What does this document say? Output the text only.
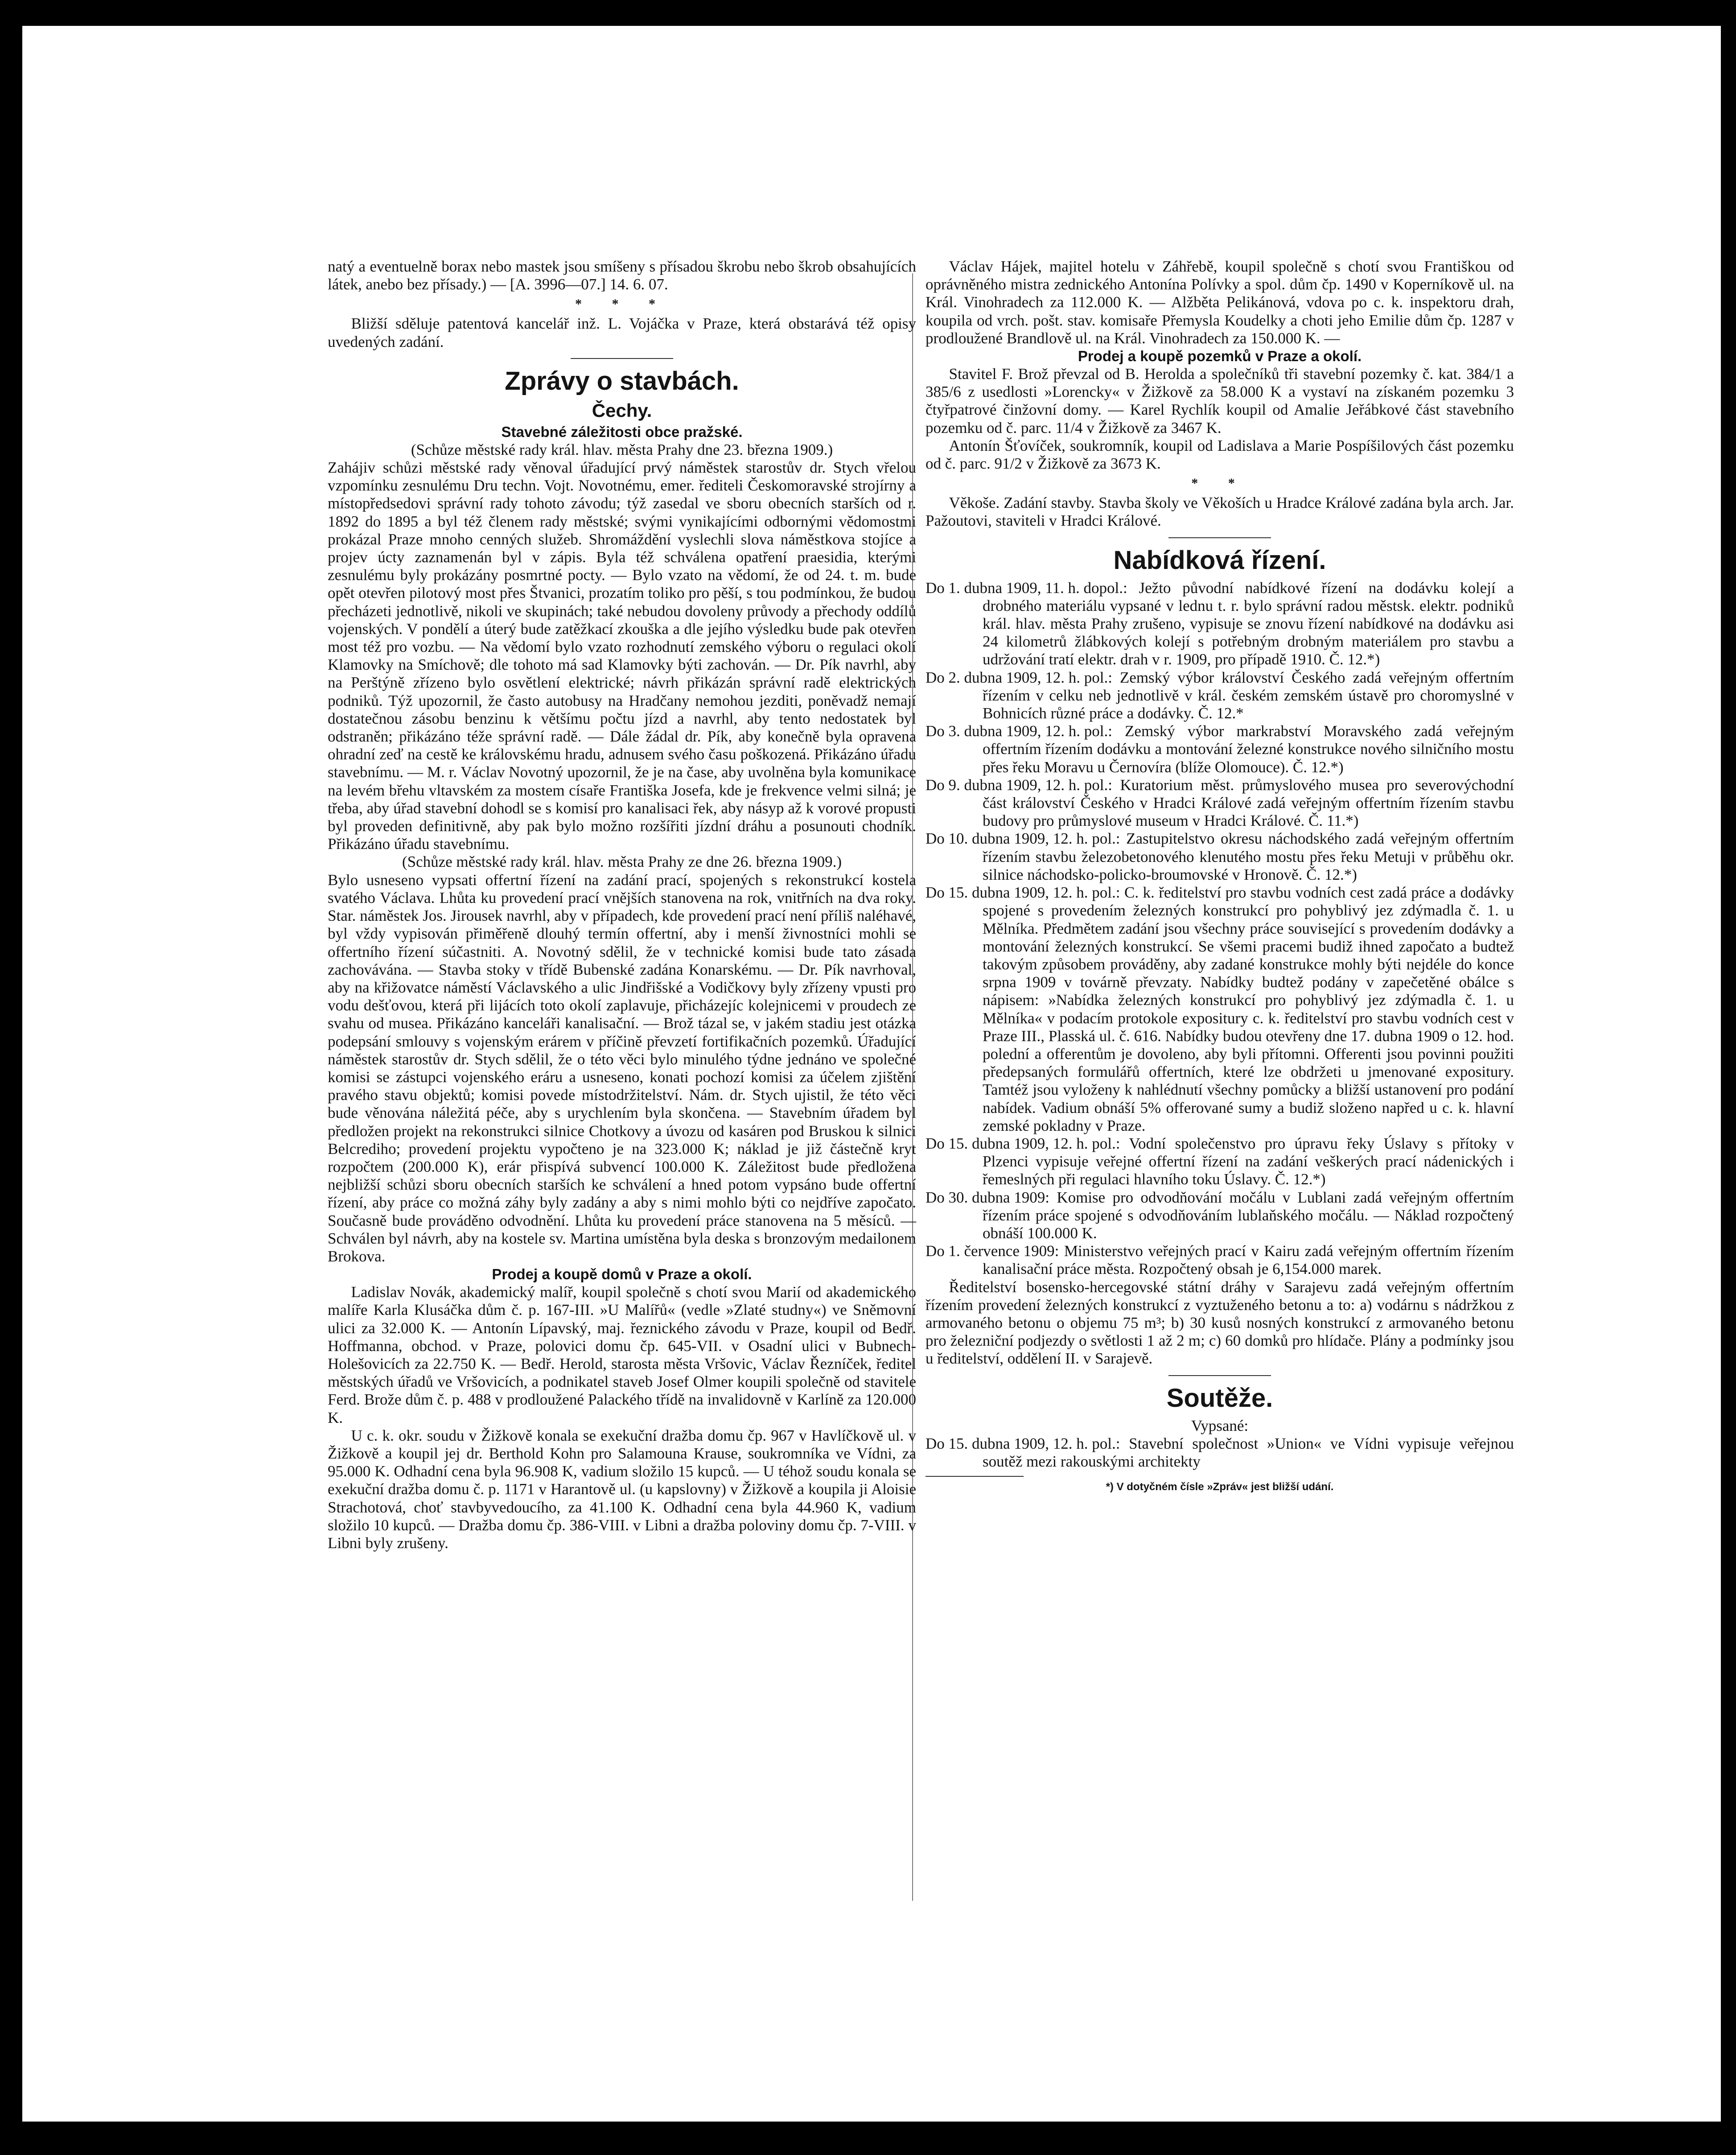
natý a eventuelně borax nebo mastek jsou smíšeny s přísadou škrobu nebo škrob obsahujících látek, anebo bez přísady.) — [A. 3996—07.] 14. 6. 07.

* * *

Bližší sděluje patentová kancelář inž. L. Vojáčka v Praze, která obstarává též opisy uvedených zadání.

Zprávy o stavbách.
Čechy.
Stavebné záležitosti obce pražské.

(Schůze městské rady král. hlav. města Prahy dne 23. března 1909.)

Zahájiv schůzi městské rady věnoval úřadující prvý náměstek starostův dr. Stych vřelou vzpomínku zesnulému Dru techn. Vojt. Novotnému, emer. řediteli Českomoravské strojírny a místopředsedovi správní rady tohoto závodu; týž zasedal ve sboru obecních starších od r. 1892 do 1895 a byl též členem rady městské; svými vynikajícími odbornými vědomostmi prokázal Praze mnoho cenných služeb. Shromáždění vyslechli slova náměstkova stojíce a projev úcty zaznamenán byl v zápis. Byla též schválena opatření praesidia, kterými zesnulému byly prokázány posmrtné pocty. — Bylo vzato na vědomí, že od 24. t. m. bude opět otevřen pilotový most přes Štvanici, prozatím toliko pro pěší, s tou podmínkou, že budou přecházeti jednotlivě, nikoli ve skupinách; také nebudou dovoleny průvody a přechody oddílů vojenských. V pondělí a úterý bude zatěžkací zkouška a dle jejího výsledku bude pak otevřen most též pro vozbu. — Na vědomí bylo vzato rozhodnutí zemského výboru o regulaci okolí Klamovky na Smíchově; dle tohoto má sad Klamovky býti zachován. — Dr. Pík navrhl, aby na Perštýně zřízeno bylo osvětlení elektrické; návrh přikázán správní radě elektrických podniků. Týž upozornil, že často autobusy na Hradčany nemohou jezditi, poněvadž nemají dostatečnou zásobu benzinu k většímu počtu jízd a navrhl, aby tento nedostatek byl odstraněn; přikázáno téže správní radě. — Dále žádal dr. Pík, aby konečně byla opravena ohradní zeď na cestě ke královskému hradu, adnusem svého času poškozená. Přikázáno úřadu stavebnímu. — M. r. Václav Novotný upozornil, že je na čase, aby uvolněna byla komunikace na levém břehu vltavském za mostem císaře Františka Josefa, kde je frekvence velmi silná; je třeba, aby úřad stavební dohodl se s komisí pro kanalisaci řek, aby násyp až k vorové propusti byl proveden definitivně, aby pak bylo možno rozšířiti jízdní dráhu a posunouti chodník. Přikázáno úřadu stavebnímu.

(Schůze městské rady král. hlav. města Prahy ze dne 26. března 1909.)

Bylo usneseno vypsati offertní řízení na zadání prací, spojených s rekonstrukcí kostela svatého Václava. Lhůta ku provedení prací vnějších stanovena na rok, vnitřních na dva roky. Star. náměstek Jos. Jirousek navrhl, aby v případech, kde provedení prací není příliš naléhavé, byl vždy vypisován přiměřeně dlouhý termín offertní, aby i menší živnostníci mohli se offertního řízení súčastniti. A. Novotný sdělil, že v technické komisi bude tato zásada zachovávána. — Stavba stoky v třídě Bubenské zadána Konarskému. — Dr. Pík navrhoval, aby na křižovatce náměstí Václavského a ulic Jindřišské a Vodičkovy byly zřízeny vpusti pro vodu dešťovou, která při lijácích toto okolí zaplavuje, přicházejíc kolejnicemi v proudech ze svahu od musea. Přikázáno kanceláři kanalisační. — Brož tázal se, v jakém stadiu jest otázka podepsání smlouvy s vojenským erárem v příčině převzetí fortifikačních pozemků. Úřadující náměstek starostův dr. Stych sdělil, že o této věci bylo minulého týdne jednáno ve společné komisi se zástupci vojenského eráru a usneseno, konati pochozí komisi za účelem zjištění pravého stavu objektů; komisi povede místodržitelství. Nám. dr. Stych ujistil, že této věci bude věnována náležitá péče, aby s urychlením byla skončena. — Stavebním úřadem byl předložen projekt na rekonstrukci silnice Chotkovy a úvozu od kasáren pod Bruskou k silnici Belcrediho; provedení projektu vypočteno je na 323.000 K; náklad je již částečně kryt rozpočtem (200.000 K), erár přispívá subvencí 100.000 K. Záležitost bude předložena nejbližší schůzi sboru obecních starších ke schválení a hned potom vypsáno bude offertní řízení, aby práce co možná záhy byly zadány a aby s nimi mohlo býti co nejdříve započato. Současně bude prováděno odvodnění. Lhůta ku provedení práce stanovena na 5 měsíců. — Schválen byl návrh, aby na kostele sv. Martina umístěna byla deska s bronzovým medailonem Brokova.

Prodej a koupě domů v Praze a okolí.

Ladislav Novák, akademický malíř, koupil společně s chotí svou Marií od akademického malíře Karla Klusáčka dům č. p. 167-III. »U Malířů« (vedle »Zlaté studny«) ve Sněmovní ulici za 32.000 K. — Antonín Lípavský, maj. řeznického závodu v Praze, koupil od Bedř. Hoffmanna, obchod. v Praze, polovici domu čp. 645-VII. v Osadní ulici v Bubnech-Holešovicích za 22.750 K. — Bedř. Herold, starosta města Vršovic, Václav Řezníček, ředitel městských úřadů ve Vršovicích, a podnikatel staveb Josef Olmer koupili společně od stavitele Ferd. Brože dům č. p. 488 v prodloužené Palackého třídě na invalidovně v Karlíně za 120.000 K.

U c. k. okr. soudu v Žižkově konala se exekuční dražba domu čp. 967 v Havlíčkově ul. v Žižkově a koupil jej dr. Berthold Kohn pro Salamouna Krause, soukromníka ve Vídni, za 95.000 K. Odhadní cena byla 96.908 K, vadium složilo 15 kupců. — U téhož soudu konala se exekuční dražba domu č. p. 1171 v Harantově ul. (u kapslovny) v Žižkově a koupila ji Aloisie Strachotová, choť stavbyvedoucího, za 41.100 K. Odhadní cena byla 44.960 K, vadium složilo 10 kupců. — Dražba domu čp. 386-VIII. v Libni a dražba poloviny domu čp. 7-VIII. v Libni byly zrušeny.

Václav Hájek, majitel hotelu v Záhřebě, koupil společně s chotí svou Františkou od oprávněného mistra zednického Antonína Polívky a spol. dům čp. 1490 v Koperníkově ul. na Král. Vinohradech za 112.000 K. — Alžběta Pelikánová, vdova po c. k. inspektoru drah, koupila od vrch. pošt. stav. komisaře Přemysla Koudelky a choti jeho Emilie dům čp. 1287 v prodloužené Brandlově ul. na Král. Vinohradech za 150.000 K. —

Prodej a koupě pozemků v Praze a okolí.

Stavitel F. Brož převzal od B. Herolda a společníků tři stavební pozemky č. kat. 384/1 a 385/6 z usedlosti »Lorencky« v Žižkově za 58.000 K a vystaví na získaném pozemku 3 čtyřpatrové činžovní domy. — Karel Rychlík koupil od Amalie Jeřábkové část stavebního pozemku od č. parc. 11/4 v Žižkově za 3467 K.

Antonín Šťovíček, soukromník, koupil od Ladislava a Marie Pospíšilových část pozemku od č. parc. 91/2 v Žižkově za 3673 K.

* *

Věkoše. Zadání stavby. Stavba školy ve Věkoších u Hradce Králové zadána byla arch. Jar. Pažoutovi, staviteli v Hradci Králové.

Nabídková řízení.

Do 1. dubna 1909, 11. h. dopol.: Ježto původní nabídkové řízení na dodávku kolejí a drobného materiálu vypsané v lednu t. r. bylo správní radou městsk. elektr. podniků král. hlav. města Prahy zrušeno, vypisuje se znovu řízení nabídkové na dodávku asi 24 kilometrů žlábkových kolejí s potřebným drobným materiálem pro stavbu a udržování tratí elektr. drah v r. 1909, pro případě 1910. Č. 12.*)

Do 2. dubna 1909, 12. h. pol.: Zemský výbor království Českého zadá veřejným offertním řízením v celku neb jednotlivě v král. českém zemském ústavě pro choromyslné v Bohnicích různé práce a dodávky. Č. 12.*

Do 3. dubna 1909, 12. h. pol.: Zemský výbor markrabství Moravského zadá veřejným offertním řízením dodávku a montování železné konstrukce nového silničního mostu přes řeku Moravu u Černovíra (blíže Olomouce). Č. 12.*)

Do 9. dubna 1909, 12. h. pol.: Kuratorium měst. průmyslového musea pro severovýchodní část království Českého v Hradci Králové zadá veřejným offertním řízením stavbu budovy pro průmyslové museum v Hradci Králové. Č. 11.*)

Do 10. dubna 1909, 12. h. pol.: Zastupitelstvo okresu náchodského zadá veřejným offertním řízením stavbu železobetonového klenutého mostu přes řeku Metuji v průběhu okr. silnice náchodsko-policko-broumovské v Hronově. Č. 12.*)

Do 15. dubna 1909, 12. h. pol.: C. k. ředitelství pro stavbu vodních cest zadá práce a dodávky spojené s provedením železných konstrukcí pro pohyblivý jez zdýmadla č. 1. u Mělníka. Předmětem zadání jsou všechny práce související s provedením dodávky a montování železných konstrukcí. Se všemi pracemi budiž ihned započato a budtež takovým způsobem prováděny, aby zadané konstrukce mohly býti nejdéle do konce srpna 1909 v továrně převzaty. Nabídky budtež podány v zapečetěné obálce s nápisem: »Nabídka železných konstrukcí pro pohyblivý jez zdýmadla č. 1. u Mělníka« v podacím protokole expositury c. k. ředitelství pro stavbu vodních cest v Praze III., Plasská ul. č. 616. Nabídky budou otevřeny dne 17. dubna 1909 o 12. hod. polední a offerentům je dovoleno, aby byli přítomni. Offerenti jsou povinni použiti předepsaných formulářů offertních, které lze obdržeti u jmenované expositury. Tamtéž jsou vyloženy k nahlédnutí všechny pomůcky a bližší ustanovení pro podání nabídek. Vadium obnáší 5% offerované sumy a budiž složeno napřed u c. k. hlavní zemské pokladny v Praze.

Do 15. dubna 1909, 12. h. pol.: Vodní společenstvo pro úpravu řeky Úslavy s přítoky v Plzenci vypisuje veřejné offertní řízení na zadání veškerých prací nádenických i řemeslných při regulaci hlavního toku Úslavy. Č. 12.*)

Do 30. dubna 1909: Komise pro odvodňování močálu v Lublani zadá veřejným offertním řízením práce spojené s odvodňováním lublaňského močálu. — Náklad rozpočtený obnáší 100.000 K.

Do 1. července 1909: Ministerstvo veřejných prací v Kairu zadá veřejným offertním řízením kanalisační práce města. Rozpočtený obsah je 6,154.000 marek.

Ředitelství bosensko-hercegovské státní dráhy v Sarajevu zadá veřejným offertním řízením provedení železných konstrukcí z vyztuženého betonu a to: a) vodárnu s nádržkou z armovaného betonu o objemu 75 m³; b) 30 kusů nosných konstrukcí z armovaného betonu pro železniční podjezdy o světlosti 1 až 2 m; c) 60 domků pro hlídače. Plány a podmínky jsou u ředitelství, oddělení II. v Sarajevě.

Soutěže.

Vypsané:

Do 15. dubna 1909, 12. h. pol.: Stavební společnost »Union« ve Vídni vypisuje veřejnou soutěž mezi rakouskými architekty

*) V dotyčném čísle »Zpráv« jest bližší udání.
